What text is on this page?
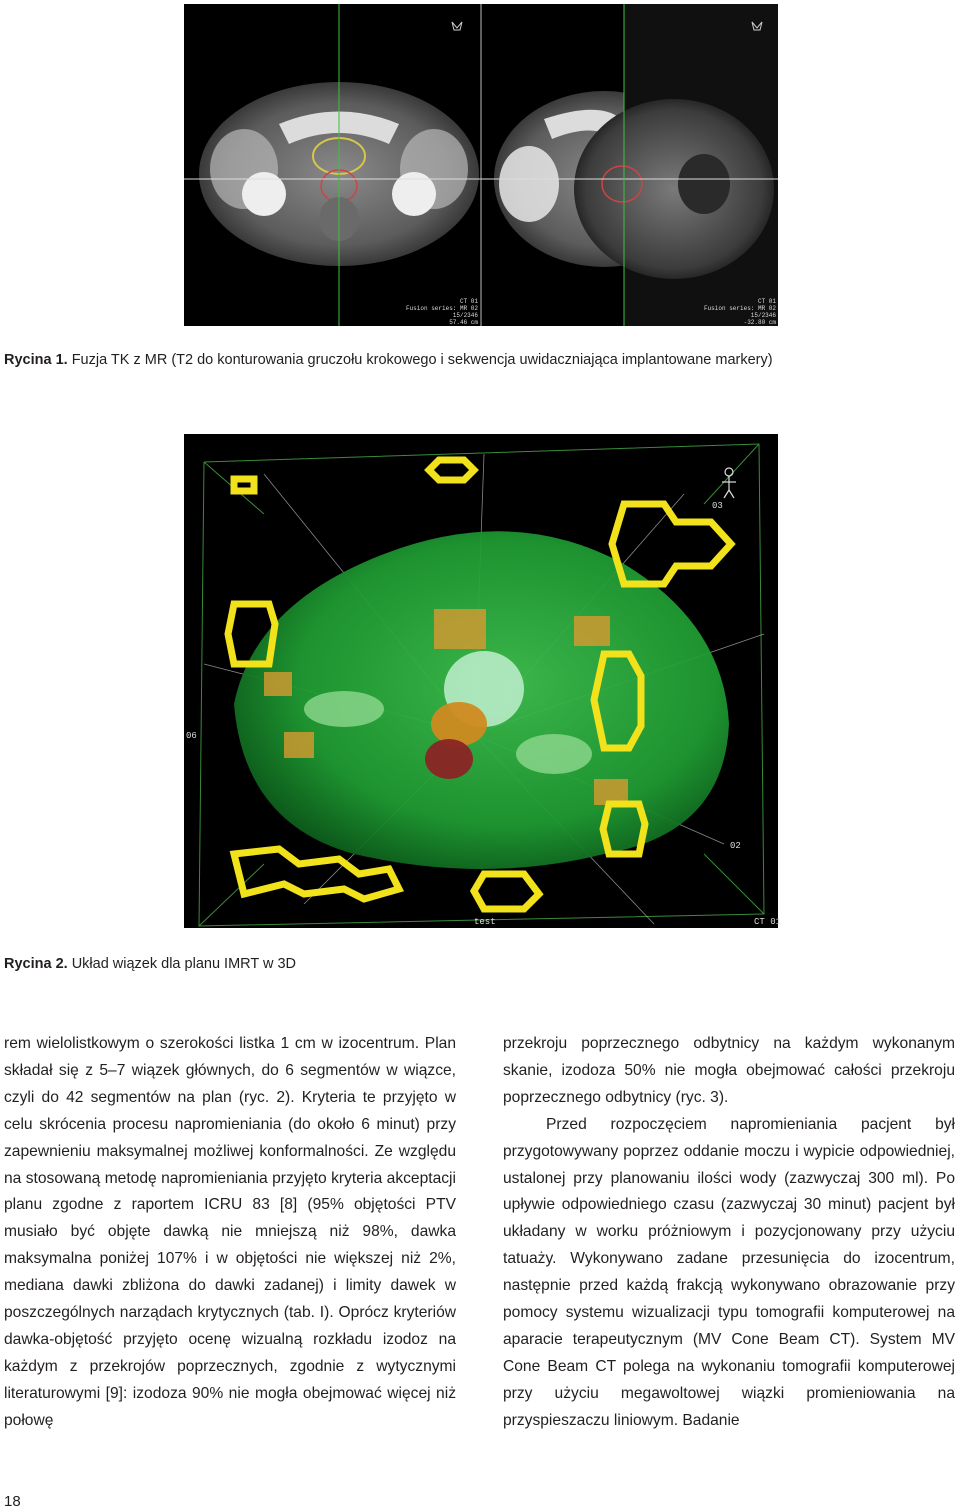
CT 01
Fusion series: MR 02
15/2346
57.46 cm
CT 01
Fusion series: MR 02
15/2346
-32.80 cm
Rycina 1. Fuzja TK z MR (T2 do konturowania gruczołu krokowego i sekwencja uwidaczniająca implantowane markery)
03
06
02
CT 01
test
Rycina 2. Układ wiązek dla planu IMRT w 3D

rem wielolistkowym o szerokości listka 1 cm w izocentrum. Plan składał się z 5–7 wiązek głównych, do 6 segmentów w wiązce, czyli do 42 segmentów na plan (ryc. 2). Kryteria te przyjęto w celu skrócenia procesu napromieniania (do około 6 minut) przy zapewnieniu maksymalnej możliwej konformalności. Ze względu na stosowaną metodę napromieniania przyjęto kryteria akceptacji planu zgodne z raportem ICRU 83 [8] (95% objętości PTV musiało być objęte dawką nie mniejszą niż 98%, dawka maksymalna poniżej 107% i w objętości nie większej niż 2%, mediana dawki zbliżona do dawki zadanej) i limity dawek w poszczególnych narządach krytycznych (tab. I). Oprócz kryteriów dawka-objętość przyjęto ocenę wizualną rozkładu izodoz na każdym z przekrojów poprzecznych, zgodnie z wytycznymi literaturowymi [9]: izodoza 90% nie mogła obejmować więcej niż połowę

przekroju poprzecznego odbytnicy na każdym wykonanym skanie, izodoza 50% nie mogła obejmować całości przekroju poprzecznego odbytnicy (ryc. 3).

Przed rozpoczęciem napromieniania pacjent był przygotowywany poprzez oddanie moczu i wypicie odpowiedniej, ustalonej przy planowaniu ilości wody (zazwyczaj 300 ml). Po upływie odpowiedniego czasu (zazwyczaj 30 minut) pacjent był układany w worku próżniowym i pozycjonowany przy użyciu tatuaży. Wykonywano zadane przesunięcia do izocentrum, następnie przed każdą frakcją wykonywano obrazowanie przy pomocy systemu wizualizacji typu tomografii komputerowej na aparacie terapeutycznym (MV Cone Beam CT). System MV Cone Beam CT polega na wykonaniu tomografii komputerowej przy użyciu megawoltowej wiązki promieniowania na przyspieszaczu liniowym. Badanie

18
